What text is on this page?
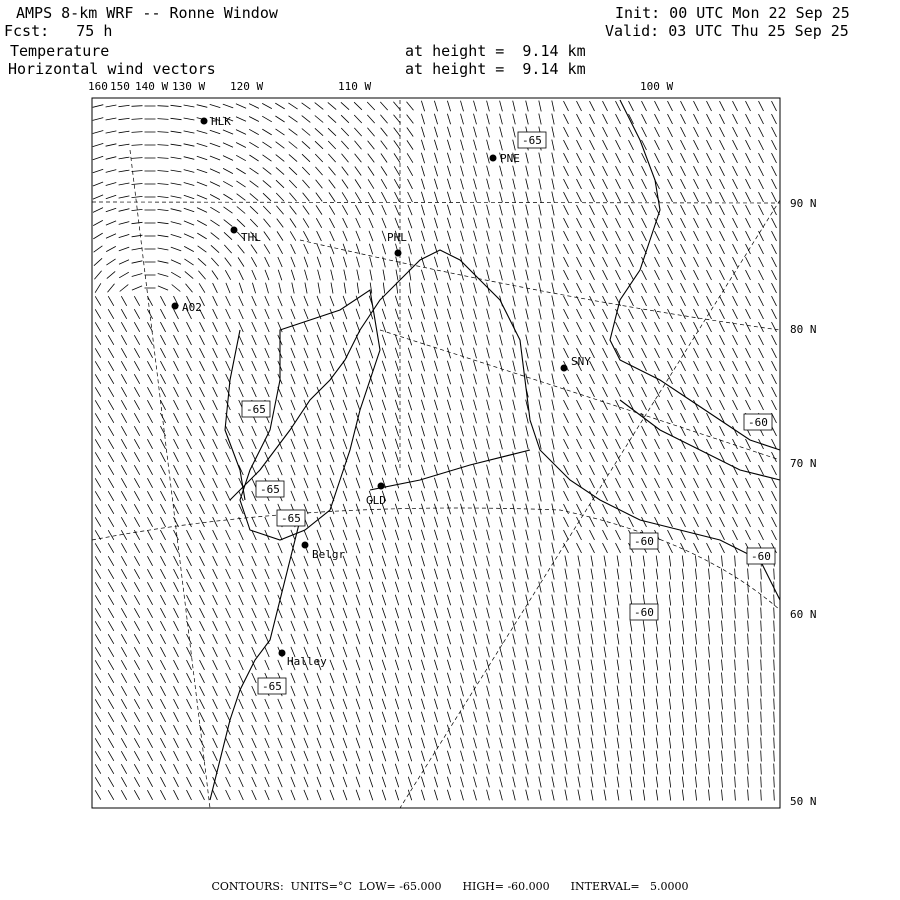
AMPS 8-km WRF -- Ronne Window
Fcst:   75 h
Temperature
Horizontal wind vectors
Init: 00 UTC Mon 22 Sep 25
Valid: 03 UTC Thu 25 Sep 25
at height =  9.14 km
at height =  9.14 km
160 150 140 W 130 W 120 W	110 W	100 W
90 N
80 N
70 N
60 N
50 N
HLK
PNE
THL	PHL
A02
SNY
GLD
Belgr
Halley
-65
-65
-65
-65
-65
-60
-60
-60
-60
CONTOURS:  UNITS=°C  LOW= -65.000      HIGH= -60.000      INTERVAL=   5.0000
